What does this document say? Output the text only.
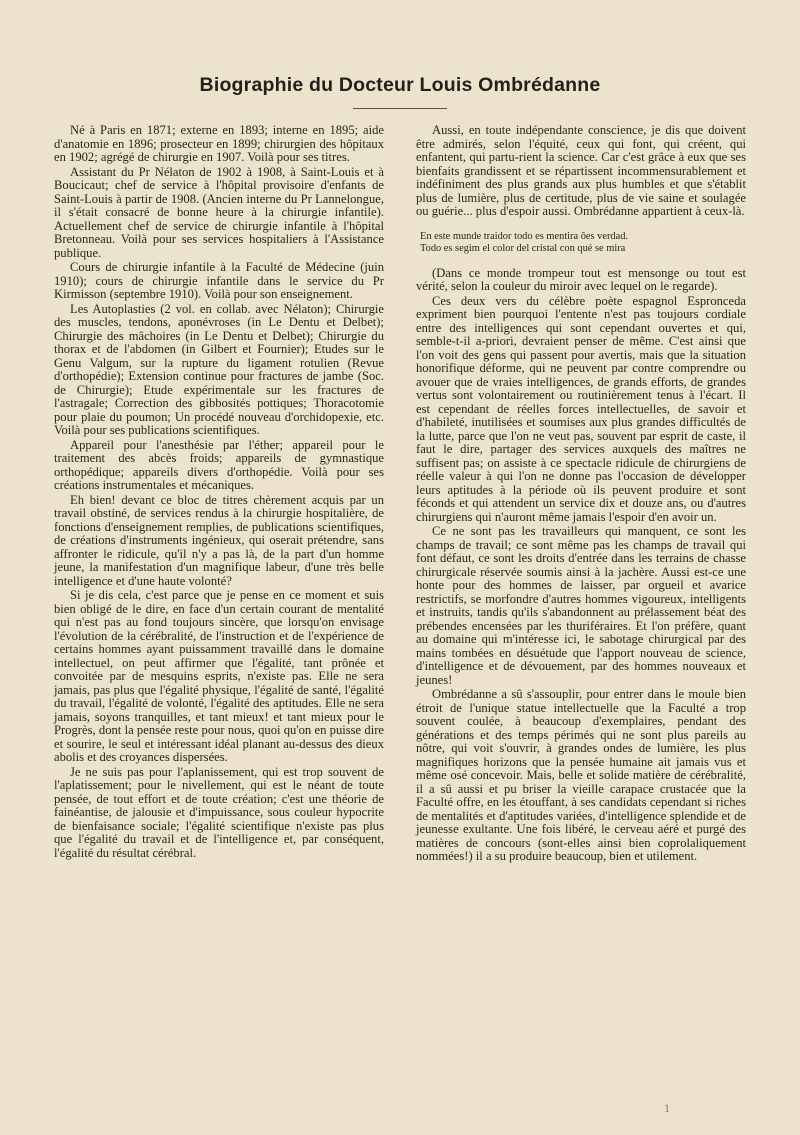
Biographie du Docteur Louis Ombrédanne

Né à Paris en 1871; externe en 1893; interne en 1895; aide d'anatomie en 1896; prosecteur en 1899; chirurgien des hôpitaux en 1902; agrégé de chirurgie en 1907. Voilà pour ses titres.

Assistant du Pr Nélaton de 1902 à 1908, à Saint-Louis et à Boucicaut; chef de service à l'hôpital provisoire d'enfants de Saint-Louis à partir de 1908. (Ancien interne du Pr Lannelongue, il s'était consacré de bonne heure à la chirurgie infantile). Actuellement chef de service de chirurgie infantile à l'hôpital Bretonneau. Voilà pour ses services hospitaliers à l'Assistance publique.

Cours de chirurgie infantile à la Faculté de Médecine (juin 1910); cours de chirurgie infantile dans le service du Pr Kirmisson (septembre 1910). Voilà pour son enseignement.

Les Autoplasties (2 vol. en collab. avec Nélaton); Chirurgie des muscles, tendons, aponévroses (in Le Dentu et Delbet); Chirurgie des mâchoires (in Le Dentu et Delbet); Chirurgie du thorax et de l'abdomen (in Gilbert et Fournier); Etudes sur le Genu Valgum, sur la rupture du ligament rotulien (Revue d'orthopédie); Extension continue pour fractures de jambe (Soc. de Chirurgie); Etude expérimentale sur les fractures de l'astragale; Correction des gibbosités pottiques; Thoracotomie pour plaie du poumon; Un procédé nouveau d'orchidopexie, etc. Voilà pour ses publications scientifiques.

Appareil pour l'anesthésie par l'éther; appareil pour le traitement des abcès froids; appareils de gymnastique orthopédique; appareils divers d'orthopédie. Voilà pour ses créations instrumentales et mécaniques.

Eh bien! devant ce bloc de titres chèrement acquis par un travail obstiné, de services rendus à la chirurgie hospitalière, de fonctions d'enseignement remplies, de publications scientifiques, de créations d'instruments ingénieux, qui oserait prétendre, sans affronter le ridicule, qu'il n'y a pas là, de la part d'un homme jeune, la manifestation d'un magnifique labeur, d'une très belle intelligence et d'une haute volonté?

Si je dis cela, c'est parce que je pense en ce moment et suis bien obligé de le dire, en face d'un certain courant de mentalité qui n'est pas au fond toujours sincère, que lorsqu'on envisage l'évolution de la cérébralité, de l'instruction et de l'expérience de certains hommes ayant puissamment travaillé dans le domaine intellectuel, on peut affirmer que l'égalité, tant prônée et convoitée par de mesquins esprits, n'existe pas. Elle ne sera jamais, pas plus que l'égalité physique, l'égalité de santé, l'égalité du travail, l'égalité de volonté, l'égalité des aptitudes. Elle ne sera jamais, soyons tranquilles, et tant mieux! et tant mieux pour le Progrès, dont la pensée reste pour nous, quoi qu'on en puisse dire et sourire, le seul et intéressant idéal planant au-dessus des dieux abolis et des croyances dispersées.

Je ne suis pas pour l'aplanissement, qui est trop souvent de l'aplatissement; pour le nivellement, qui est le néant de toute pensée, de tout effort et de toute création; c'est une théorie de fainéantise, de jalousie et d'impuissance, sous couleur hypocrite de bienfaisance sociale; l'égalité scientifique n'existe pas plus que l'égalité du travail et de l'intelligence et, par conséquent, l'égalité du résultat cérébral.

Aussi, en toute indépendante conscience, je dis que doivent être admirés, selon l'équité, ceux qui font, qui créent, qui enfantent, qui partu-rient la science. Car c'est grâce à eux que ses bienfaits grandissent et se répartissent incommensurablement et indéfiniment des plus grands aux plus humbles et que s'établit plus de lumière, plus de certitude, plus de vie saine et soulagée ou guérie... plus d'espoir aussi. Ombrédanne appartient à ceux-là.

En este munde traidor todo es mentira ôes verdad.
Todo es segim el color del cristal con qué se mira

(Dans ce monde trompeur tout est mensonge ou tout est vérité, selon la couleur du miroir avec lequel on le regarde).

Ces deux vers du célèbre poète espagnol Espronceda expriment bien pourquoi l'entente n'est pas toujours cordiale entre des intelligences qui sont cependant ouvertes et qui, semble-t-il a-priori, devraient penser de même. C'est ainsi que l'on voit des gens qui passent pour avertis, mais que la situation honorifique déforme, qui ne peuvent par contre comprendre ou avouer que de vraies intelligences, de grands efforts, de grandes vertus sont volontairement ou routinièrement tenus à l'écart. Il est cependant de réelles forces intellectuelles, de savoir et d'habileté, inutilisées et soumises aux plus grandes difficultés de la lutte, parce que l'on ne veut pas, souvent par esprit de caste, il faut le dire, partager des services auxquels des maîtres ne suffisent pas; on assiste à ce spectacle ridicule de chirurgiens de réelle valeur à qui l'on ne donne pas l'occasion de développer leurs aptitudes à la période où ils peuvent produire et sont féconds et qui attendent un service dix et douze ans, ou d'autres chirurgiens qui n'auront même jamais l'espoir d'en avoir un.

Ce ne sont pas les travailleurs qui manquent, ce sont les champs de travail; ce sont même pas les champs de travail qui font défaut, ce sont les droits d'entrée dans les terrains de chasse chirurgicale réservée soumis ainsi à la jachère. Aussi est-ce une honte pour des hommes de laisser, par orgueil et avarice restrictifs, se morfondre d'autres hommes vigoureux, intelligents et instruits, tandis qu'ils s'abandonnent au prélassement béat des prébendes encensées par les thuriféraires. Et l'on préfère, quant au domaine qui m'intéresse ici, le sabotage chirurgical par des mains tombées en désuétude que l'apport nouveau de science, d'intelligence et de dévouement, par des hommes nouveaux et jeunes!

Ombrédanne a sû s'assouplir, pour entrer dans le moule bien étroit de l'unique statue intellectuelle que la Faculté a trop souvent coulée, à beaucoup d'exemplaires, pendant des générations et des temps périmés qui ne sont plus pareils au nôtre, qui voit s'ouvrir, à grandes ondes de lumière, les plus magnifiques horizons que la pensée humaine ait jamais vus et même osé concevoir. Mais, belle et solide matière de cérébralité, il a sû aussi et pu briser la vieille carapace crustacée que la Faculté offre, en les étouffant, à ses candidats cependant si riches de mentalités et d'aptitudes variées, d'intelligence splendide et de jeunesse exultante. Une fois libéré, le cerveau aéré et purgé des matières de concours (sont-elles ainsi bien coprolaliquement nommées!) il a su produire beaucoup, bien et utilement.

1
